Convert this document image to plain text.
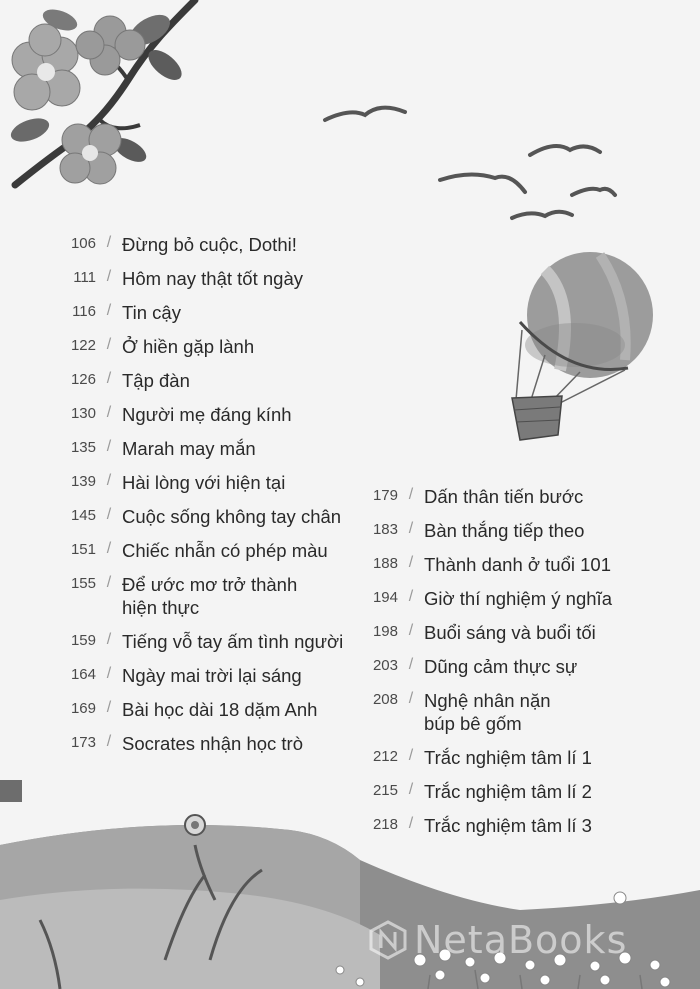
106 / Đừng bỏ cuộc, Dothi!
111 / Hôm nay thật tốt ngày
116 / Tin cậy
122 / Ở hiền gặp lành
126 / Tập đàn
130 / Người mẹ đáng kính
135 / Marah may mắn
139 / Hài lòng với hiện tại
145 / Cuộc sống không tay chân
151 / Chiếc nhẫn có phép màu
155 / Để ước mơ trở thành
hiện thực
159 / Tiếng vỗ tay ấm tình người
164 / Ngày mai trời lại sáng
169 / Bài học dài 18 dặm Anh
173 / Socrates nhận học trò
179 / Dấn thân tiến bước
183 / Bàn thắng tiếp theo
188 / Thành danh ở tuổi 101
194 / Giờ thí nghiệm ý nghĩa
198 / Buổi sáng và buổi tối
203 / Dũng cảm thực sự
208 / Nghệ nhân nặn
búp bê gốm
212 / Trắc nghiệm tâm lí 1
215 / Trắc nghiệm tâm lí 2
218 / Trắc nghiệm tâm lí 3
NetaBooks
